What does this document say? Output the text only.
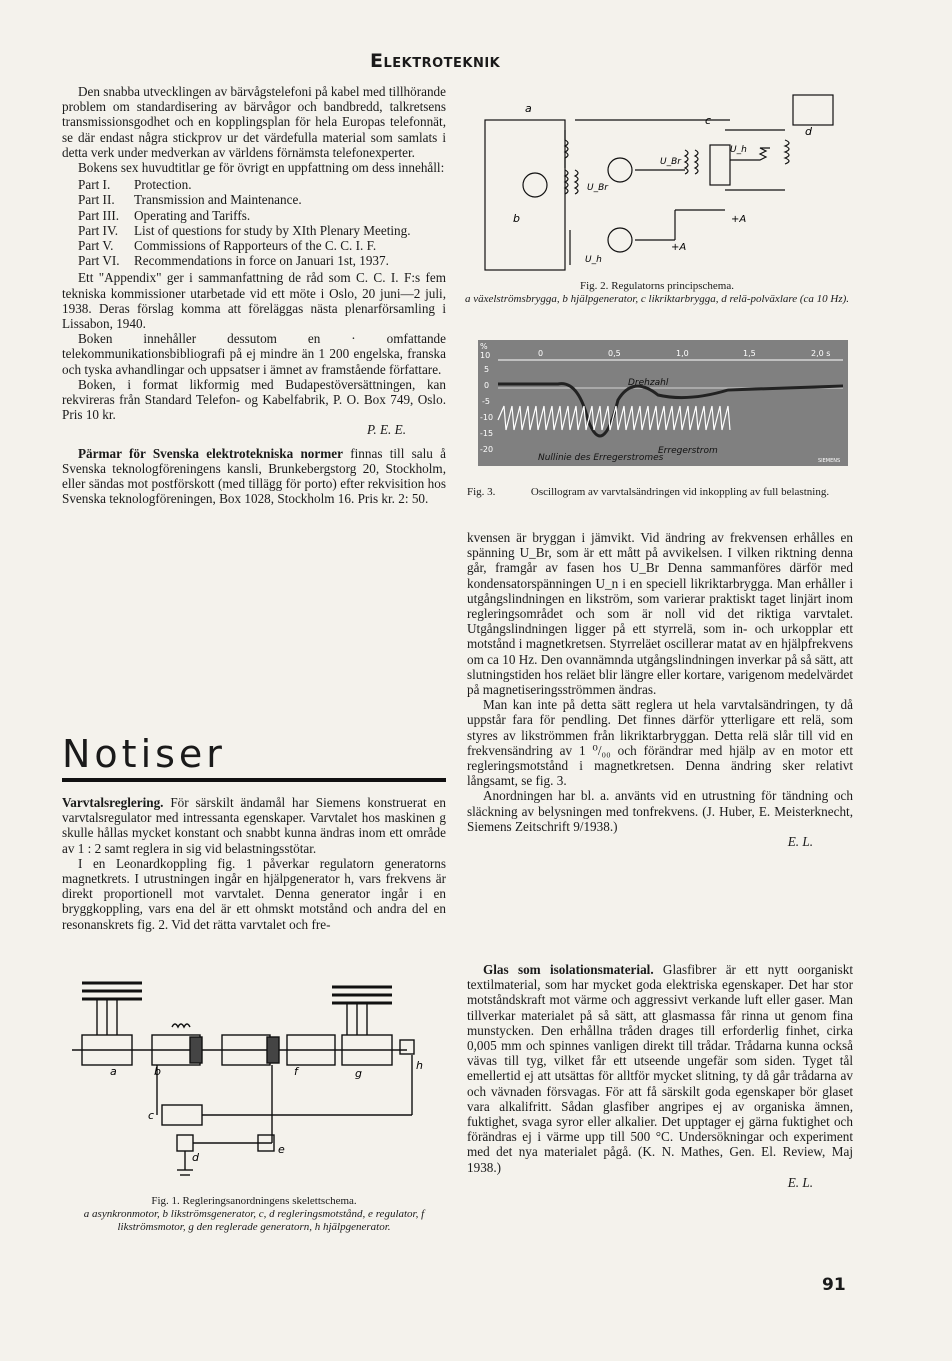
Elektroteknik

Den snabba utvecklingen av bärvågstelefoni på kabel med tillhörande problem om standardisering av bärvågor och bandbredd, talkretsens transmissionsgodhet och en kopplingsplan för hela Europas telefonnät, se där endast några stickprov ur det värdefulla material som samlats i detta verk under medverkan av världens förnämsta telefonexperter.

Bokens sex huvudtitlar ge för övrigt en uppfattning om dess innehåll:

Part I.	Protection.
Part II.	Transmission and Maintenance.
Part III.	Operating and Tariffs.
Part IV.	List of questions for study by XIth Plenary Meeting.
Part V.	Commissions of Rapporteurs of the C. C. I. F.
Part VI.	Recommendations in force on Januari 1st, 1937.

Ett "Appendix" ger i sammanfattning de råd som C. C. I. F:s fem tekniska kommissioner utarbetade vid ett möte i Oslo, 20 juni—2 juli, 1938. Deras förslag komma att föreläggas nästa plenarförsamling i Lissabon, 1940.

Boken innehåller dessutom en · omfattande telekommunikationsbibliografi på ej mindre än 1 200 engelska, franska och tyska avhandlingar och uppsatser i ämnet av framstående författare.

Boken, i format likformig med Budapestöversättningen, kan rekvireras från Standard Telefon- og Kabelfabrik, P. O. Box 749, Oslo. Pris 10 kr.

P. E. E.

Pärmar för Svenska elektrotekniska normer finnas till salu å Svenska teknologföreningens kansli, Brunkebergstorg 20, Stockholm, eller sändas mot postförskott (med tillägg för porto) efter rekvisition hos Svenska teknologföreningen, Box 1028, Stockholm 16. Pris kr. 2: 50.

Notiser

Varvtalsreglering. För särskilt ändamål har Siemens konstruerat en varvtalsregulator med intressanta egenskaper. Varvtalet hos maskinen g skulle hållas mycket konstant och snabbt kunna ändras inom ett område av 1 : 2 samt reglera in sig vid belastningsstötar.

I en Leonardkoppling fig. 1 påverkar regulatorn generatorns magnetkrets. I utrustningen ingår en hjälpgenerator h, vars frekvens är direkt proportionell mot varvtalet. Denna generator ingår i en bryggkoppling, vars ena del är ett ohmskt motstånd och andra del en resonanskrets fig. 2. Vid det rätta varvtalet och fre-

a	b	f	g
h
c
d
e
Fig. 1. Regleringsanordningens skelettschema.
a asynkronmotor, b likströmsgenerator, c, d regleringsmotstånd, e regulator, f likströmsmotor, g den reglerade generatorn, h hjälpgenerator.
a
b
c
d
U_Br
U_Br
U_h
U_h
+A
+A
Fig. 2. Regulatorns principschema.
a växelströmsbrygga, b hjälpgenerator, c likriktarbrygga, d relä-polväxlare (ca 10 Hz).
%
10
5
0
-5
-10
-15
-20
0	0,5	1,0	1,5	2,0 s
Drehzahl
Erregerstrom
Nullinie des Erregerstromes	SIEMENS
Fig. 3.	Oscillogram av varvtalsändringen vid inkoppling av full belastning.

kvensen är bryggan i jämvikt. Vid ändring av frekvensen erhålles en spänning U_Br, som är ett mått på avvikelsen. I vilken riktning denna går, framgår av fasen hos U_Br Denna sammanföres därför med kondensatorspänningen U_n i en speciell likriktarbrygga. Man erhåller i utgångslindningen en likström, som varierar praktiskt taget linjärt inom regleringsområdet och som är noll vid det riktiga varvtalet. Utgångslindningen ligger på ett styrrelä, som in- och urkopplar ett motstånd i magnetkretsen. Styrreläet oscillerar matat av en hjälpfrekvens om ca 10 Hz. Den ovannämnda utgångslindningen inverkar på så sätt, att slutningstiden hos reläet blir längre eller kortare, varigenom medelvärdet på magnetiseringsströmmen ändras.

Man kan inte på detta sätt reglera ut hela varvtalsändringen, ty då uppstår fara för pendling. Det finnes därför ytterligare ett relä, som styres av likströmmen från likriktarbryggan. Detta relä slår till vid en frekvensändring av 1 ⁰/₀₀ och förändrar med hjälp av en motor ett regleringsmotstånd i magnetkretsen. Denna ändring sker relativt långsamt, se fig. 3.

Anordningen har bl. a. använts vid en utrustning för tändning och släckning av belysningen med tonfrekvens. (J. Huber, E. Meisterknecht, Siemens Zeitschrift 9/1938.)

E. L.

Glas som isolationsmaterial. Glasfibrer är ett nytt oorganiskt textilmaterial, som har mycket goda elektriska egenskaper. Det har stor motståndskraft mot värme och aggressivt verkande luft eller gaser. Man tillverkar materialet på så sätt, att glasmassa får rinna ut genom fina munstycken. Den erhållna tråden drages till erforderlig finhet, cirka 0,005 mm och spinnes vanligen direkt till trådar. Trådarna kunna också vävas till tyg, vilket får ett utseende ungefär som siden. Tyget tål emellertid ej att utsättas för alltför mycket slitning, ty då går trådarna av och vävnaden försvagas. För att få särskilt goda egenskaper bör glaset vara alkalifritt. Sådan glasfiber angripes ej av organiska ämnen, fuktighet, svaga syror eller alkalier. Det upptager ej gärna fuktighet och förändras ej i värme upp till 500 °C. Undersökningar och experiment med det nya materialet pågå. (K. N. Mathes, Gen. El. Review, Maj 1938.)

E. L.
91
